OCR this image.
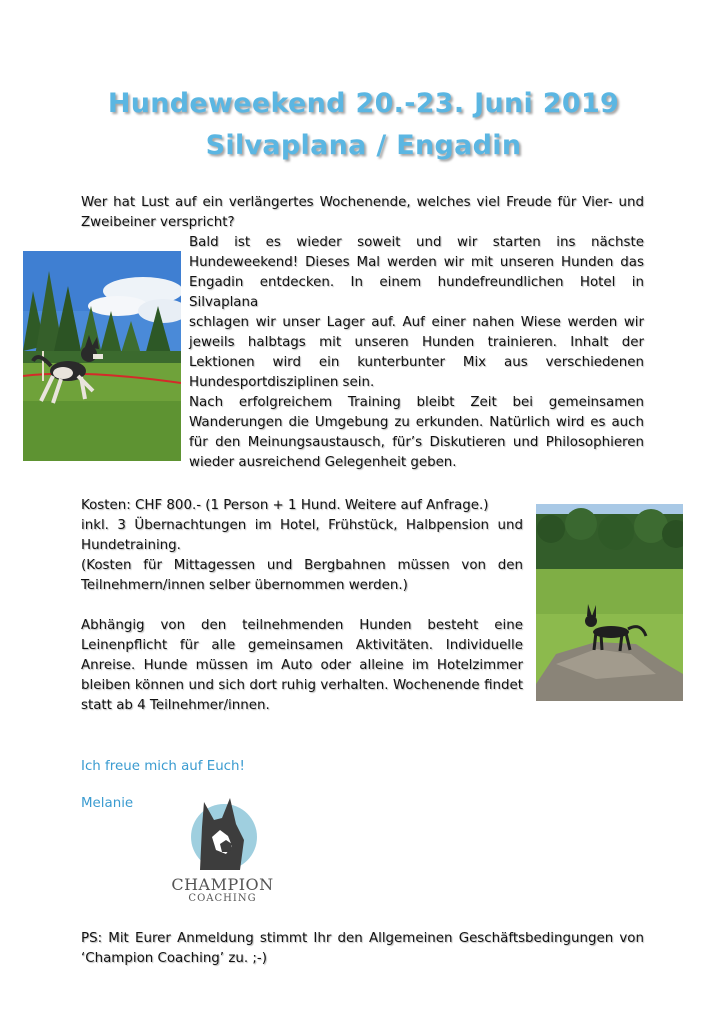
Hundeweekend 20.-23. Juni 2019
Silvaplana / Engadin
Wer hat Lust auf ein verlängertes Wochenende, welches viel Freude für Vier- und
Zweibeiner verspricht?
Bald ist es wieder soweit und wir starten ins nächste
Hundeweekend! Dieses Mal werden wir mit unseren Hunden das
Engadin entdecken. In einem hundefreundlichen Hotel in Silvaplana
schlagen wir unser Lager auf. Auf einer nahen Wiese werden wir
jeweils halbtags mit unseren Hunden trainieren. Inhalt der
Lektionen wird ein kunterbunter Mix aus verschiedenen
Hundesportdisziplinen sein.
Nach erfolgreichem Training bleibt Zeit bei gemeinsamen
Wanderungen die Umgebung zu erkunden. Natürlich wird es auch
für den Meinungsaustausch, für’s Diskutieren und Philosophieren
wieder ausreichend Gelegenheit geben.
Kosten: CHF 800.- (1 Person + 1 Hund. Weitere auf Anfrage.)
inkl. 3 Übernachtungen im Hotel, Frühstück, Halbpension und
Hundetraining.
(Kosten für Mittagessen und Bergbahnen müssen von den
Teilnehmern/innen selber übernommen werden.)
Abhängig von den teilnehmenden Hunden besteht eine
Leinenpflicht für alle gemeinsamen Aktivitäten. Individuelle
Anreise. Hunde müssen im Auto oder alleine im Hotelzimmer
bleiben können und sich dort ruhig verhalten. Wochenende findet
statt ab 4 Teilnehmer/innen.
Ich freue mich auf Euch!
Melanie
CHAMPION
COACHING
PS: Mit Eurer Anmeldung stimmt Ihr den Allgemeinen Geschäftsbedingungen von
‘Champion Coaching’ zu. ;-)
